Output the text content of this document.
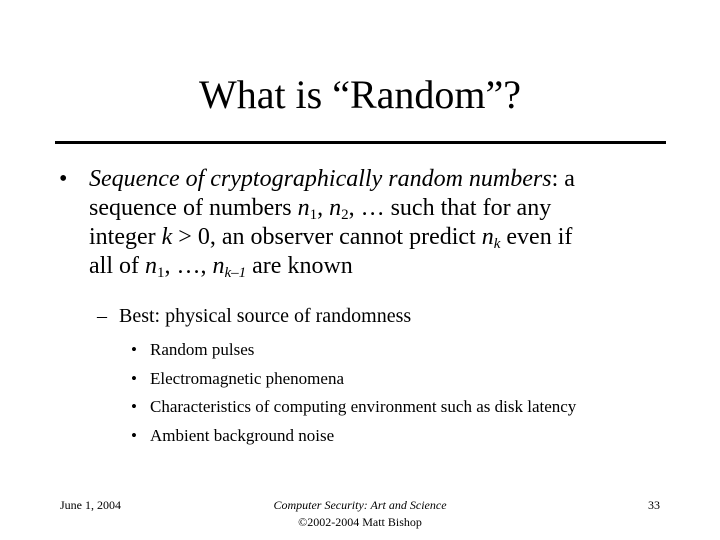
What is “Random”?
• Sequence of cryptographically random numbers: a
sequence of numbers $n_1$, $n_2$, … such that for any
integer k > 0, an observer cannot predict $n_k$ even if
all of $n_1$, …, $n_{k-1}$ are known
– Best: physical source of randomness
• Random pulses
• Electromagnetic phenomena
• Characteristics of computing environment such as disk latency
• Ambient background noise
June 1, 2004	Computer Security: Art and Science
©2002-2004 Matt Bishop
33
